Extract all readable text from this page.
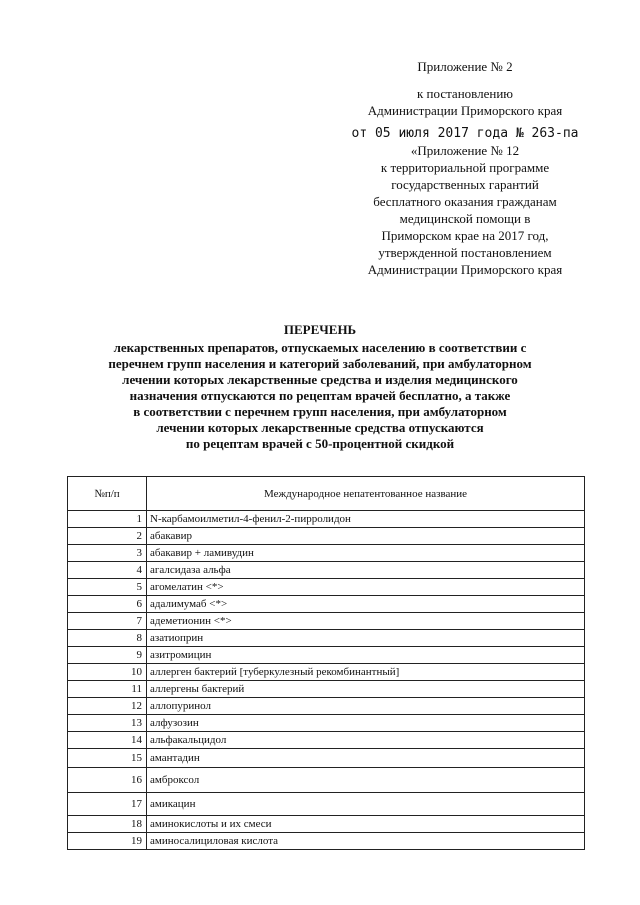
Приложение № 2
к постановлению
Администрации Приморского края
от 05 июля 2017 года № 263-па
«Приложение № 12
к территориальной программе
государственных гарантий
бесплатного оказания гражданам
медицинской помощи в
Приморском крае на 2017 год,
утвержденной постановлением
Администрации Приморского края
ПЕРЕЧЕНЬ
лекарственных препаратов, отпускаемых населению в соответствии с
перечнем групп населения и категорий заболеваний, при амбулаторном
лечении которых лекарственные средства и изделия медицинского
назначения отпускаются по рецептам врачей бесплатно, а также
в соответствии с перечнем групп населения, при амбулаторном
лечении которых лекарственные средства отпускаются
по рецептам врачей с 50-процентной скидкой
№п/п	Международное непатентованное название
1	N-карбамоилметил-4-фенил-2-пирролидон
2	абакавир
3	абакавир + ламивудин
4	агалсидаза альфа
5	агомелатин <*>
6	адалимумаб <*>
7	адеметионин <*>
8	азатиоприн
9	азитромицин
10	аллерген бактерий [туберкулезный рекомбинантный]
11	аллергены бактерий
12	аллопуринол
13	алфузозин
14	альфакальцидол
15	амантадин
16	амброксол
17	амикацин
18	аминокислоты и их смеси
19	аминосалициловая кислота
